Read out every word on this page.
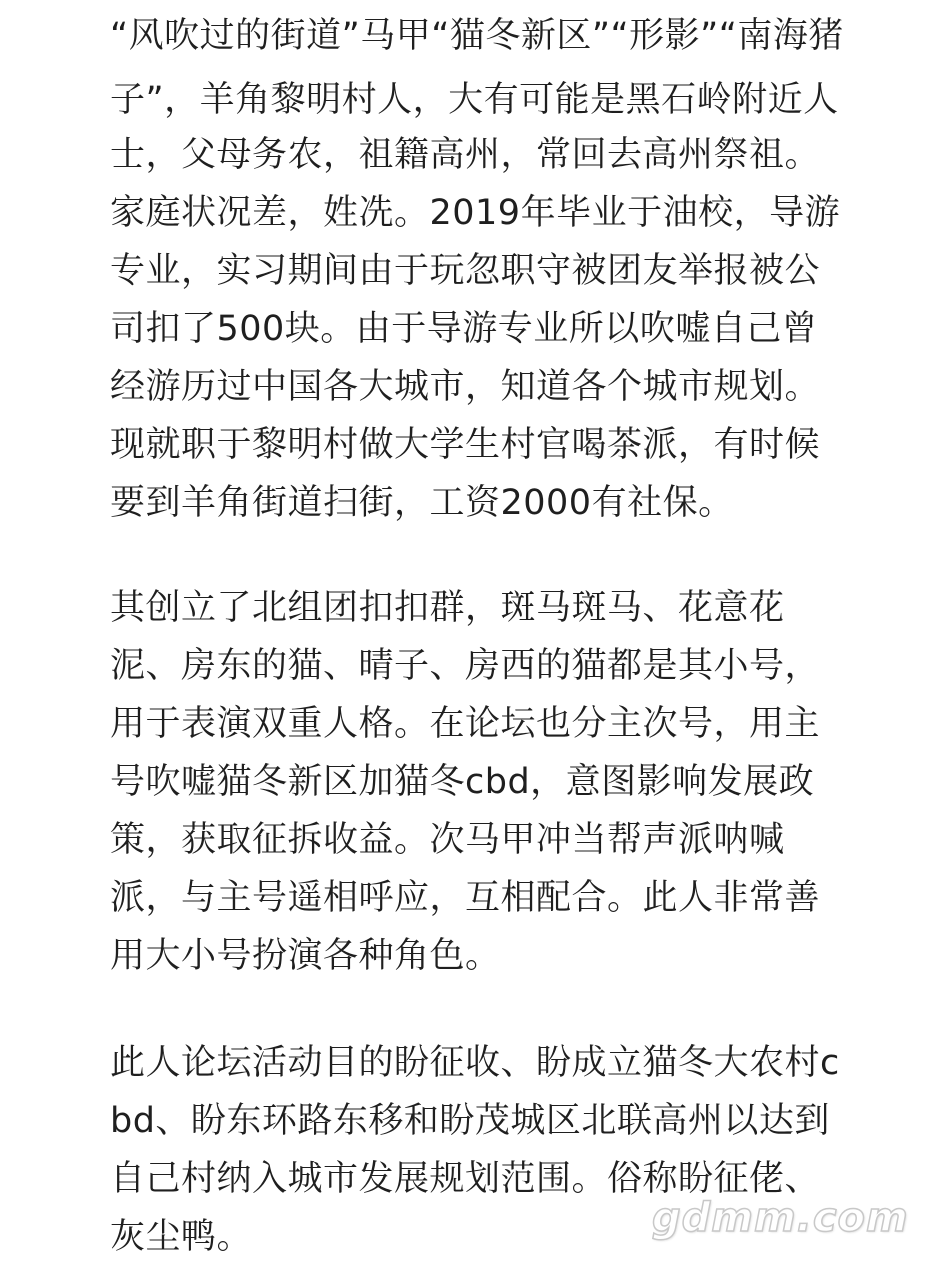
“风吹过的街道”马甲“猫冬新区”“形影”“南海猪
子”，羊角黎明村人，大有可能是黑石岭附近人
士，父母务农，祖籍高州，常回去高州祭祖。
家庭状况差，姓冼。2019年毕业于油校，导游
专业，实习期间由于玩忽职守被团友举报被公
司扣了500块。由于导游专业所以吹嘘自己曾
经游历过中国各大城市，知道各个城市规划。
现就职于黎明村做大学生村官喝茶派，有时候
要到羊角街道扫街，工资2000有社保。
其创立了北组团扣扣群，斑马斑马、花意花
泥、房东的猫、晴子、房西的猫都是其小号，
用于表演双重人格。在论坛也分主次号，用主
号吹嘘猫冬新区加猫冬cbd，意图影响发展政
策，获取征拆收益。次马甲冲当帮声派呐喊
派，与主号遥相呼应，互相配合。此人非常善
用大小号扮演各种角色。
此人论坛活动目的盼征收、盼成立猫冬大农村c
bd、盼东环路东移和盼茂城区北联高州以达到
自己村纳入城市发展规划范围。俗称盼征佬、
灰尘鸭。	gdmm.com
